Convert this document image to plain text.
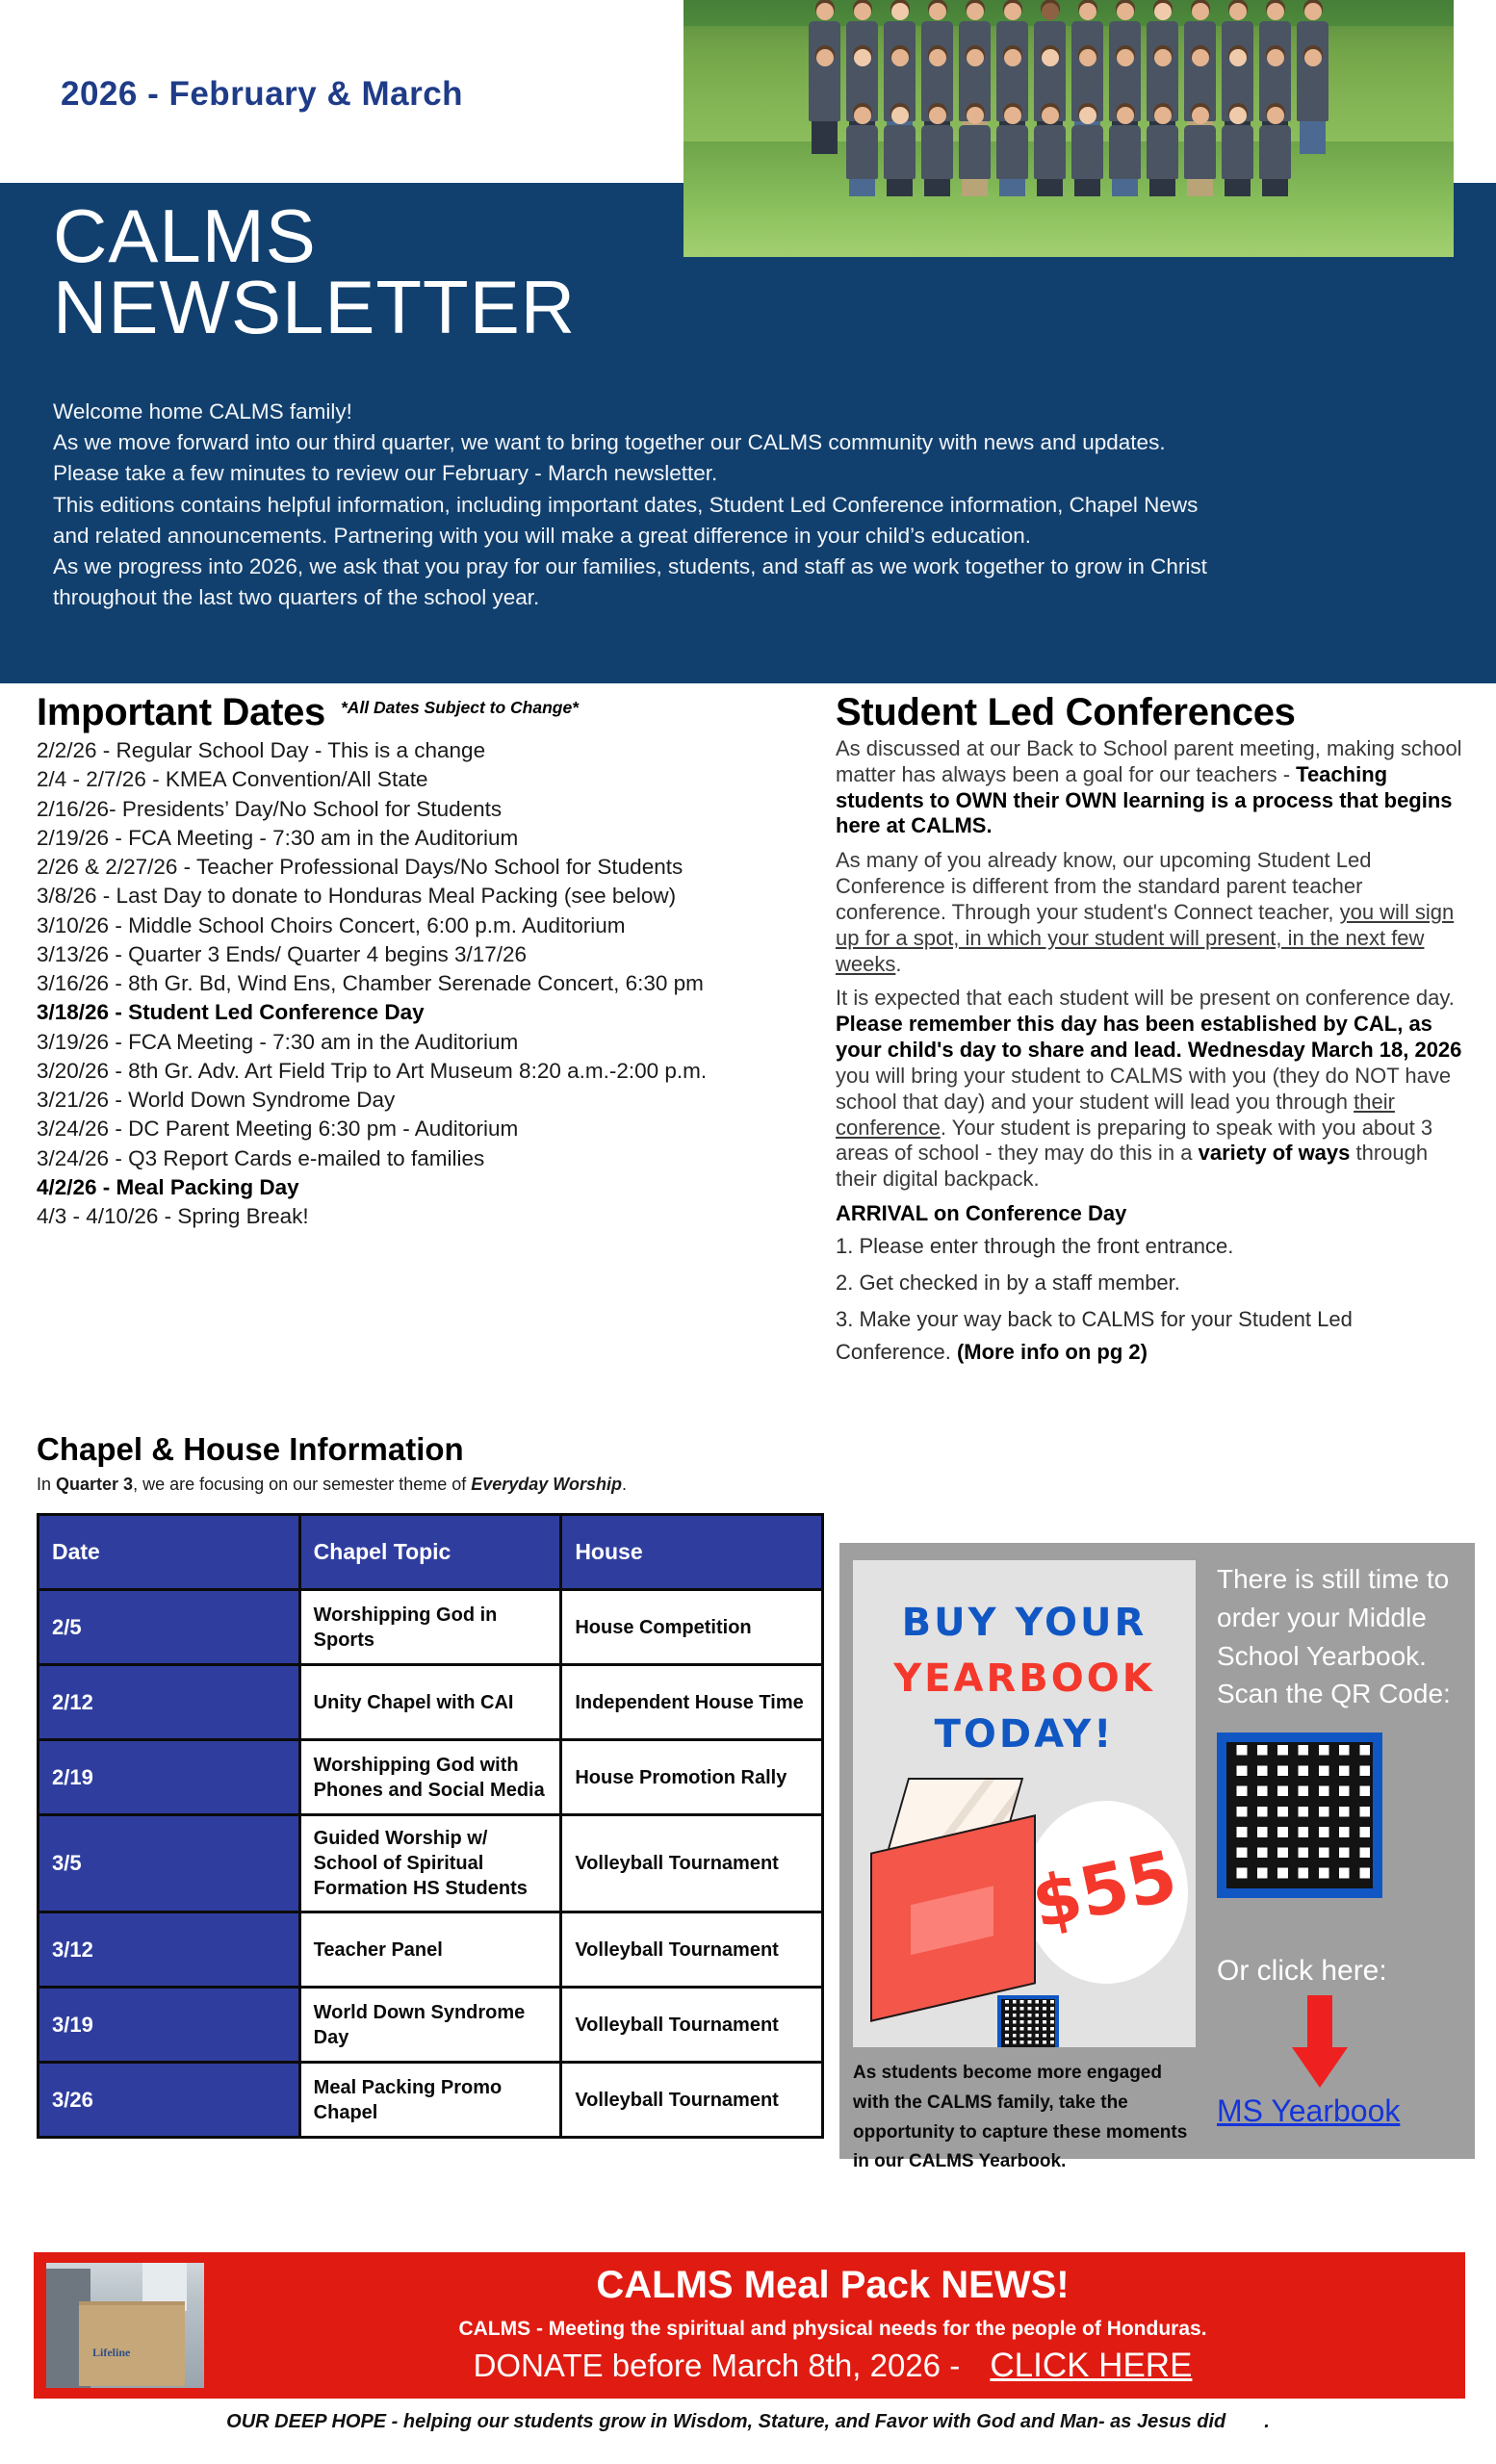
2026 - February & March
CALMS
NEWSLETTER
Welcome home CALMS family!
As we move forward into our third quarter, we want to bring together our CALMS community with news and updates.
Please take a few minutes to review our February - March newsletter.
This editions contains helpful information, including important dates, Student Led Conference information, Chapel News
and related announcements. Partnering with you will make a great difference in your child’s education.
As we progress into 2026, we ask that you pray for our families, students, and staff as we work together to grow in Christ
throughout the last two quarters of the school year.
Important Dates *All Dates Subject to Change*
2/2/26 - Regular School Day - This is a change
2/4 - 2/7/26 - KMEA Convention/All State
2/16/26- Presidents’ Day/No School for Students
2/19/26 - FCA Meeting - 7:30 am in the Auditorium
2/26 & 2/27/26 - Teacher Professional Days/No School for Students
3/8/26 - Last Day to donate to Honduras Meal Packing (see below)
3/10/26 - Middle School Choirs Concert, 6:00 p.m. Auditorium
3/13/26 - Quarter 3 Ends/ Quarter 4 begins 3/17/26
3/16/26 - 8th Gr. Bd, Wind Ens, Chamber Serenade Concert, 6:30 pm
3/18/26 - Student Led Conference Day
3/19/26 - FCA Meeting - 7:30 am in the Auditorium
3/20/26 - 8th Gr. Adv. Art Field Trip to Art Museum 8:20 a.m.-2:00 p.m.
3/21/26 - World Down Syndrome Day
3/24/26 - DC Parent Meeting 6:30 pm - Auditorium
3/24/26 - Q3 Report Cards e-mailed to families
4/2/26 - Meal Packing Day
4/3 - 4/10/26 - Spring Break!
Student Led Conferences

As discussed at our Back to School parent meeting, making school matter has always been a goal for our teachers - Teaching students to OWN their OWN learning is a process that begins here at CALMS.

As many of you already know, our upcoming Student Led Conference is different from the standard parent teacher conference. Through your student's Connect teacher, you will sign up for a spot, in which your student will present, in the next few weeks.

It is expected that each student will be present on conference day. Please remember this day has been established by CAL, as your child's day to share and lead. Wednesday March 18, 2026 you will bring your student to CALMS with you (they do NOT have school that day) and your student will lead you through their conference. Your student is preparing to speak with you about 3 areas of school - they may do this in a variety of ways through their digital backpack.

ARRIVAL on Conference Day
1. Please enter through the front entrance.
2. Get checked in by a staff member.
3. Make your way back to CALMS for your Student Led Conference. (More info on pg 2)
Chapel & House Information
In Quarter 3, we are focusing on our semester theme of Everyday Worship.
Date	Chapel Topic	House
2/5	Worshipping God in Sports	House Competition
2/12	Unity Chapel with CAI	Independent House Time
2/19	Worshipping God with Phones and Social Media	House Promotion Rally
3/5	Guided Worship w/ School of Spiritual Formation HS Students	Volleyball Tournament
3/12	Teacher Panel	Volleyball Tournament
3/19	World Down Syndrome Day	Volleyball Tournament
3/26	Meal Packing Promo Chapel	Volleyball Tournament
BUY YOUR
YEARBOOK
TODAY!
$55
There is still time to order your Middle School Yearbook. Scan the QR Code:
Or click here:
MS Yearbook
As students become more engaged with the CALMS family, take the opportunity to capture these moments in our CALMS Yearbook.
Lifeline
CALMS Meal Pack NEWS!
CALMS - Meeting the spiritual and physical needs for the people of Honduras.
DONATE before March 8th, 2026 - CLICK HERE
OUR DEEP HOPE - helping our students grow in Wisdom, Stature, and Favor with God and Man- as Jesus did .
